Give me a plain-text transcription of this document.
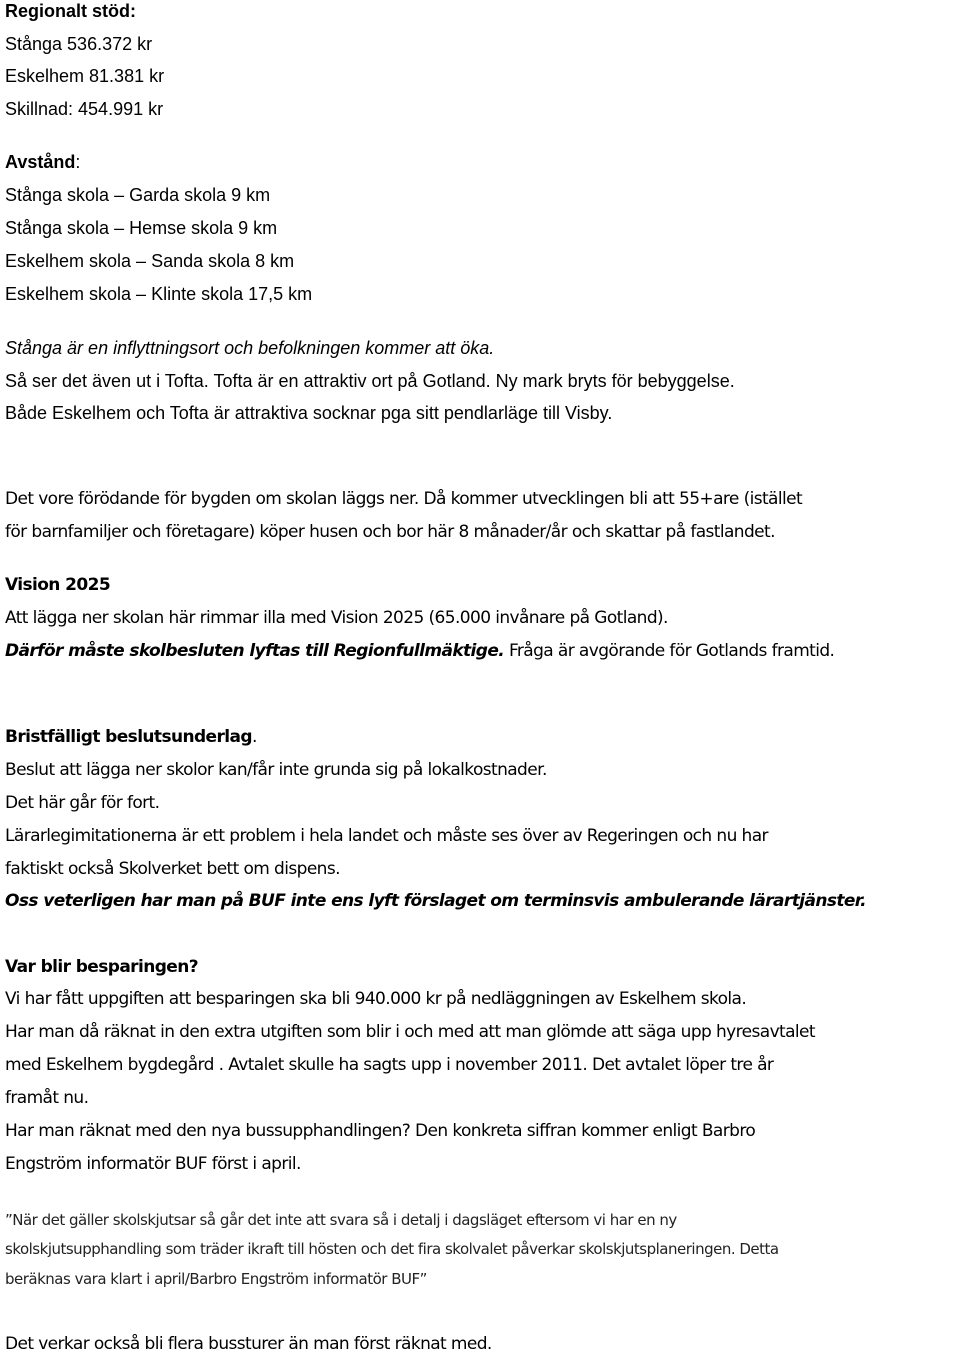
Regionalt stöd:
Stånga 536.372 kr
Eskelhem 81.381 kr
Skillnad: 454.991 kr
Avstånd:
Stånga skola – Garda skola 9 km
Stånga skola – Hemse skola 9 km
Eskelhem skola – Sanda skola 8 km
Eskelhem skola – Klinte skola 17,5 km
Stånga är en inflyttningsort och befolkningen kommer att öka.
Så ser det även ut i Tofta. Tofta är en attraktiv ort på Gotland. Ny mark bryts för bebyggelse.
Både Eskelhem och Tofta är attraktiva socknar pga sitt pendlarläge till Visby.
Det vore förödande för bygden om skolan läggs ner. Då kommer utvecklingen bli att 55+are (istället
för barnfamiljer och företagare) köper husen och bor här 8 månader/år och skattar på fastlandet.
Vision 2025
Att lägga ner skolan här rimmar illa med Vision 2025 (65.000 invånare på Gotland).
Därför måste skolbesluten lyftas till Regionfullmäktige. Fråga är avgörande för Gotlands framtid.
Bristfälligt beslutsunderlag.
Beslut att lägga ner skolor kan/får inte grunda sig på lokalkostnader.
Det här går för fort.
Lärarlegimitationerna är ett problem i hela landet och måste ses över av Regeringen och nu har
faktiskt också Skolverket bett om dispens.
Oss veterligen har man på BUF inte ens lyft förslaget om terminsvis ambulerande lärartjänster.
Var blir besparingen?
Vi har fått uppgiften att besparingen ska bli 940.000 kr på nedläggningen av Eskelhem skola.
Har man då räknat in den extra utgiften som blir i och med att man glömde att säga upp hyresavtalet
med Eskelhem bygdegård . Avtalet skulle ha sagts upp i november 2011. Det avtalet löper tre år
framåt nu.
Har man räknat med den nya bussupphandlingen? Den konkreta siffran kommer enligt Barbro
Engström informatör BUF först i april.
”När det gäller skolskjutsar så går det inte att svara så i detalj i dagsläget eftersom vi har en ny
skolskjutsupphandling som träder ikraft till hösten och det fira skolvalet påverkar skolskjutsplaneringen. Detta
beräknas vara klart i april/Barbro Engström informatör BUF”
Det verkar också bli flera bussturer än man först räknat med.
